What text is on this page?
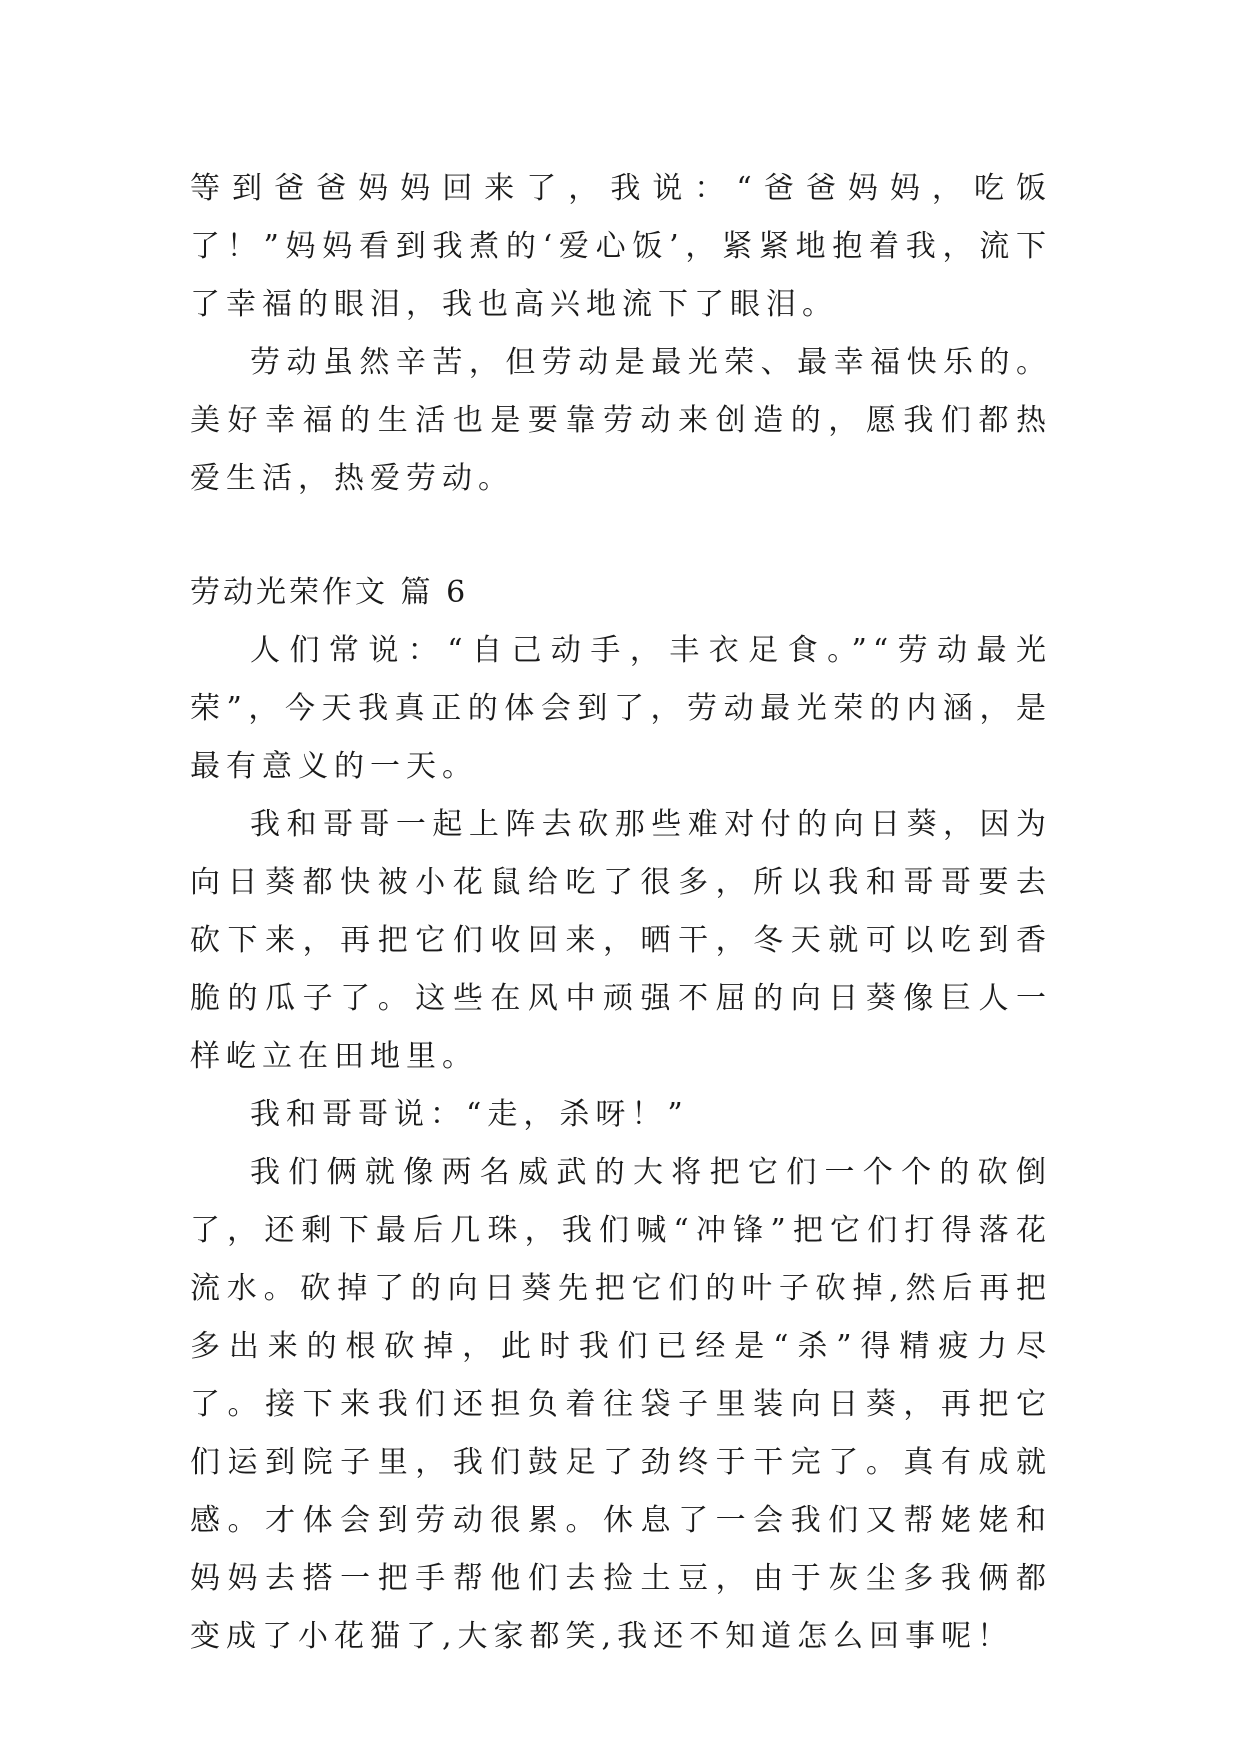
等到爸爸妈妈回来了，我说：“爸爸妈妈，吃饭了！”妈妈看到我煮的‘爱心饭’，紧紧地抱着我，流下了幸福的眼泪，我也高兴地流下了眼泪。

劳动虽然辛苦，但劳动是最光荣、最幸福快乐的。美好幸福的生活也是要靠劳动来创造的，愿我们都热爱生活，热爱劳动。

劳动光荣作文 篇 6

人们常说：“自己动手，丰衣足食。”“劳动最光荣”，今天我真正的体会到了，劳动最光荣的内涵，是最有意义的一天。

我和哥哥一起上阵去砍那些难对付的向日葵，因为向日葵都快被小花鼠给吃了很多，所以我和哥哥要去砍下来，再把它们收回来，晒干，冬天就可以吃到香脆的瓜子了。这些在风中顽强不屈的向日葵像巨人一样屹立在田地里。

我和哥哥说：“走，杀呀！”

我们俩就像两名威武的大将把它们一个个的砍倒了，还剩下最后几珠，我们喊“冲锋”把它们打得落花流水。砍掉了的向日葵先把它们的叶子砍掉,然后再把多出来的根砍掉，此时我们已经是“杀”得精疲力尽了。接下来我们还担负着往袋子里装向日葵，再把它们运到院子里，我们鼓足了劲终于干完了。真有成就感。才体会到劳动很累。休息了一会我们又帮姥姥和妈妈去搭一把手帮他们去捡土豆，由于灰尘多我俩都变成了小花猫了,大家都笑,我还不知道怎么回事呢！
